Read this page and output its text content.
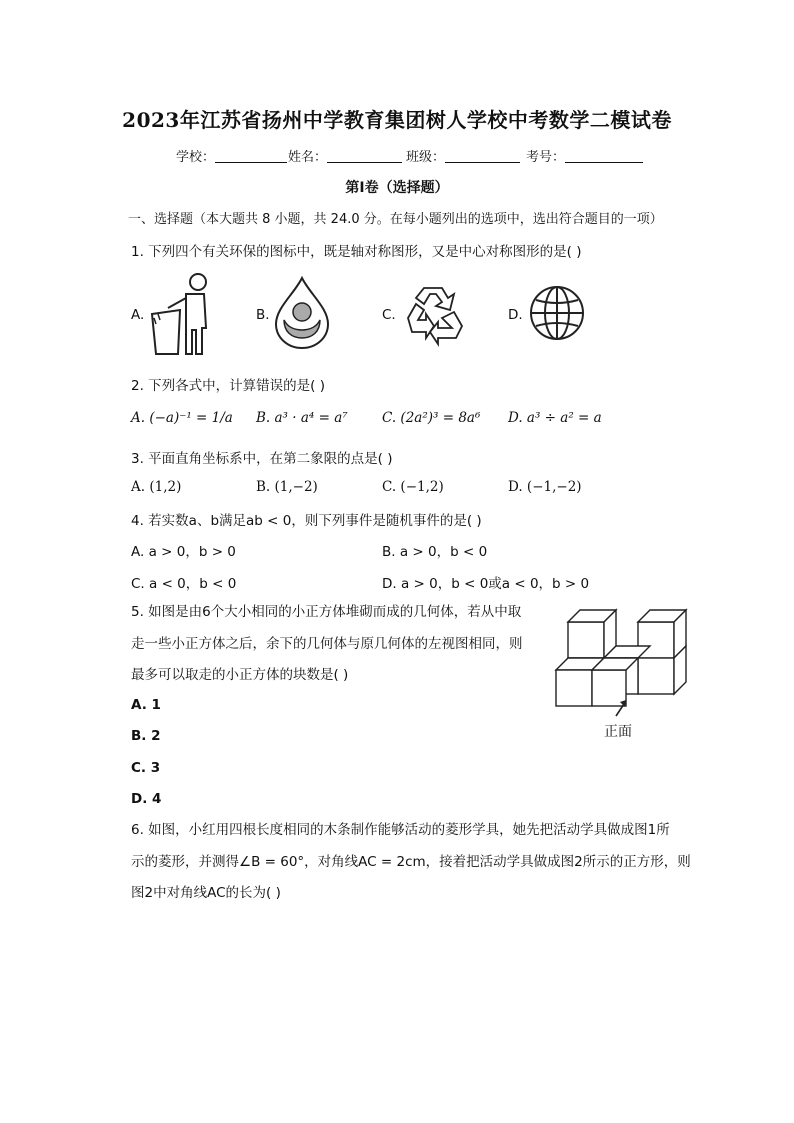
2023年江苏省扬州中学教育集团树人学校中考数学二模试卷
学校：	姓名：	班级：	考号：
第I卷（选择题）
一、选择题（本大题共 8 小题，共 24.0 分。在每小题列出的选项中，选出符合题目的一项）
1. 下列四个有关环保的图标中，既是轴对称图形，又是中心对称图形的是( )
A.	B.	C.	D.
2. 下列各式中，计算错误的是( )
A. (−a)⁻¹ = 1/a B. a³ · a⁴ = a⁷	C. (2a²)³ = 8a⁶ D. a³ ÷ a² = a
3. 平面直角坐标系中，在第二象限的点是( )
A. (1,2)	B. (1,−2)	C. (−1,2)	D. (−1,−2)
4. 若实数a、b满足ab < 0，则下列事件是随机事件的是( )
A. a > 0，b > 0	B. a > 0，b < 0
C. a < 0，b < 0	D. a > 0，b < 0或a < 0，b > 0
5. 如图是由6个大小相同的小正方体堆砌而成的几何体，若从中取
走一些小正方体之后，余下的几何体与原几何体的左视图相同，则
最多可以取走的小正方体的块数是( )
A. 1
B. 2
C. 3
D. 4
正面
6. 如图，小红用四根长度相同的木条制作能够活动的菱形学具，她先把活动学具做成图1所
示的菱形，并测得∠B = 60°，对角线AC = 2cm，接着把活动学具做成图2所示的正方形，则
图2中对角线AC的长为( )
